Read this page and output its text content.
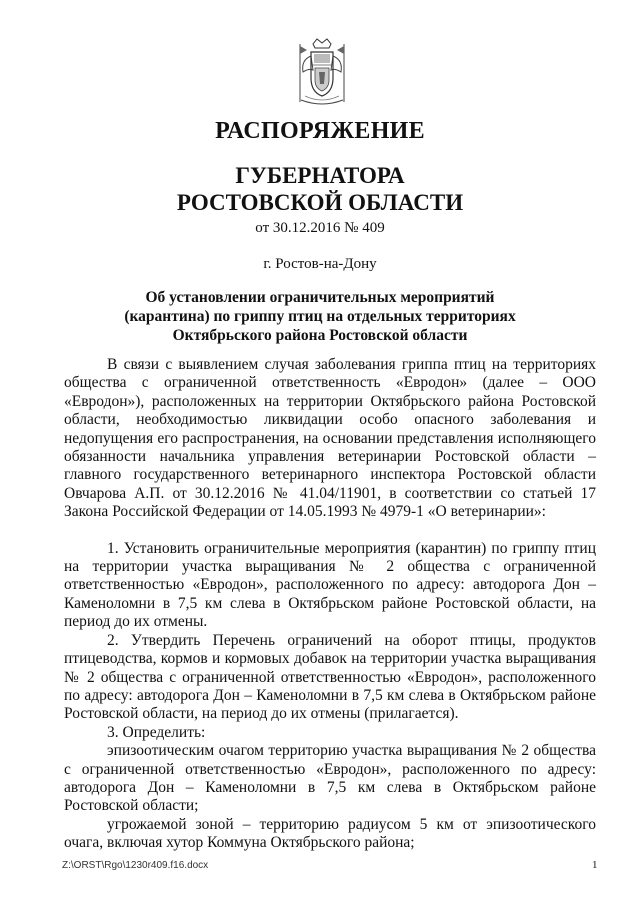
РАСПОРЯЖЕНИЕ
ГУБЕРНАТОРА
РОСТОВСКОЙ ОБЛАСТИ
от 30.12.2016 № 409
г. Ростов-на-Дону
Об установлении ограничительных мероприятий
(карантина) по гриппу птиц на отдельных территориях
Октябрьского района Ростовской области

В связи с выявлением случая заболевания гриппа птиц на территориях общества с ограниченной ответственность «Евродон» (далее – ООО «Евродон»), расположенных на территории Октябрьского района Ростовской области, необходимостью ликвидации особо опасного заболевания и недопущения его распространения, на основании представления исполняющего обязанности начальника управления ветеринарии Ростовской области – главного государственного ветеринарного инспектора Ростовской области Овчарова А.П. от 30.12.2016 № 41.04/11901, в соответствии со статьей 17 Закона Российской Федерации от 14.05.1993 № 4979-1 «О ветеринарии»:

1. Установить ограничительные мероприятия (карантин) по гриппу птиц на территории участка выращивания № 2 общества с ограниченной ответственностью «Евродон», расположенного по адресу: автодорога Дон – Каменоломни в 7,5 км слева в Октябрьском районе Ростовской области, на период до их отмены.

2. Утвердить Перечень ограничений на оборот птицы, продуктов птицеводства, кормов и кормовых добавок на территории участка выращивания № 2 общества с ограниченной ответственностью «Евродон», расположенного по адресу: автодорога Дон – Каменоломни в 7,5 км слева в Октябрьском районе Ростовской области, на период до их отмены (прилагается).

3. Определить:

эпизоотическим очагом территорию участка выращивания № 2 общества с ограниченной ответственностью «Евродон», расположенного по адресу: автодорога Дон – Каменоломни в 7,5 км слева в Октябрьском районе Ростовской области;

угрожаемой зоной – территорию радиусом 5 км от эпизоотического очага, включая хутор Коммуна Октябрьского района;

Z:\ORST\Rgo\1230r409.f16.docx	1
